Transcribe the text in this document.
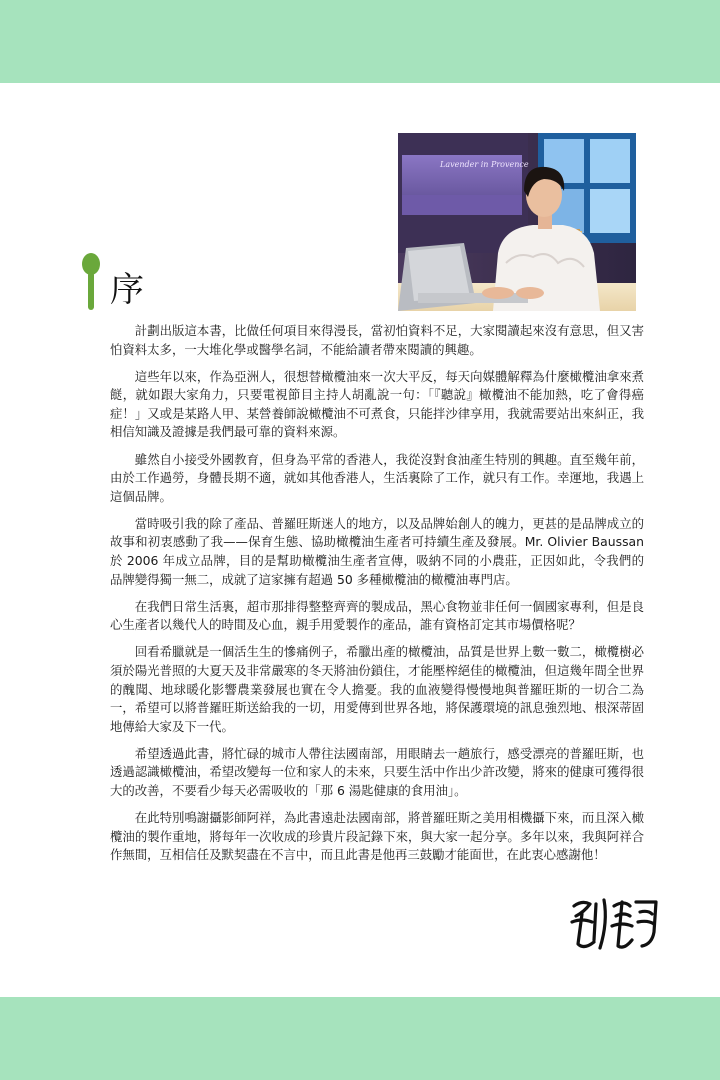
Lavender in Provence
序

計劃出版這本書，比做任何項目來得漫長，當初怕資料不足，大家閱讀起來沒有意思，但又害怕資料太多，一大堆化學或醫學名詞，不能給讀者帶來閱讀的興趣。

這些年以來，作為亞洲人，很想替橄欖油來一次大平反，每天向媒體解釋為什麼橄欖油拿來煮餸，就如跟大家角力，只要電視節目主持人胡亂說一句：「『聽說』橄欖油不能加熱，吃了會得癌症！」又或是某路人甲、某營養師說橄欖油不可煮食，只能拌沙律享用，我就需要站出來糾正，我相信知識及證據是我們最可靠的資料來源。

雖然自小接受外國教育，但身為平常的香港人，我從沒對食油產生特別的興趣。直至幾年前，由於工作過勞，身體長期不適，就如其他香港人，生活裏除了工作，就只有工作。幸運地，我遇上這個品牌。

當時吸引我的除了產品、普羅旺斯迷人的地方，以及品牌始創人的魄力，更甚的是品牌成立的故事和初衷感動了我——保育生態、協助橄欖油生產者可持續生產及發展。Mr. Olivier Baussan 於 2006 年成立品牌，目的是幫助橄欖油生產者宣傳，吸納不同的小農莊，正因如此，令我們的品牌變得獨一無二，成就了這家擁有超過 50 多種橄欖油的橄欖油專門店。

在我們日常生活裏，超市那排得整整齊齊的製成品，黑心食物並非任何一個國家專利，但是良心生產者以幾代人的時間及心血，親手用愛製作的產品，誰有資格訂定其市場價格呢？

回看希臘就是一個活生生的慘痛例子，希臘出產的橄欖油，品質是世界上數一數二，橄欖樹必須於陽光普照的大夏天及非常嚴寒的冬天將油份鎖住，才能壓榨絕佳的橄欖油，但這幾年間全世界的醜聞、地球暖化影響農業發展也實在令人擔憂。我的血液變得慢慢地與普羅旺斯的一切合二為一，希望可以將普羅旺斯送給我的一切，用愛傳到世界各地，將保護環境的訊息強烈地、根深蒂固地傳給大家及下一代。

希望透過此書，將忙碌的城市人帶往法國南部，用眼睛去一趟旅行，感受漂亮的普羅旺斯，也透過認識橄欖油，希望改變每一位和家人的未來，只要生活中作出少許改變，將來的健康可獲得很大的改善，不要看少每天必需吸收的「那 6 湯匙健康的食用油」。

在此特別鳴謝攝影師阿祥，為此書遠赴法國南部，將普羅旺斯之美用相機攝下來，而且深入橄欖油的製作重地，將每年一次收成的珍貴片段記錄下來，與大家一起分享。多年以來，我與阿祥合作無間，互相信任及默契盡在不言中，而且此書是他再三鼓勵才能面世，在此衷心感謝他！
